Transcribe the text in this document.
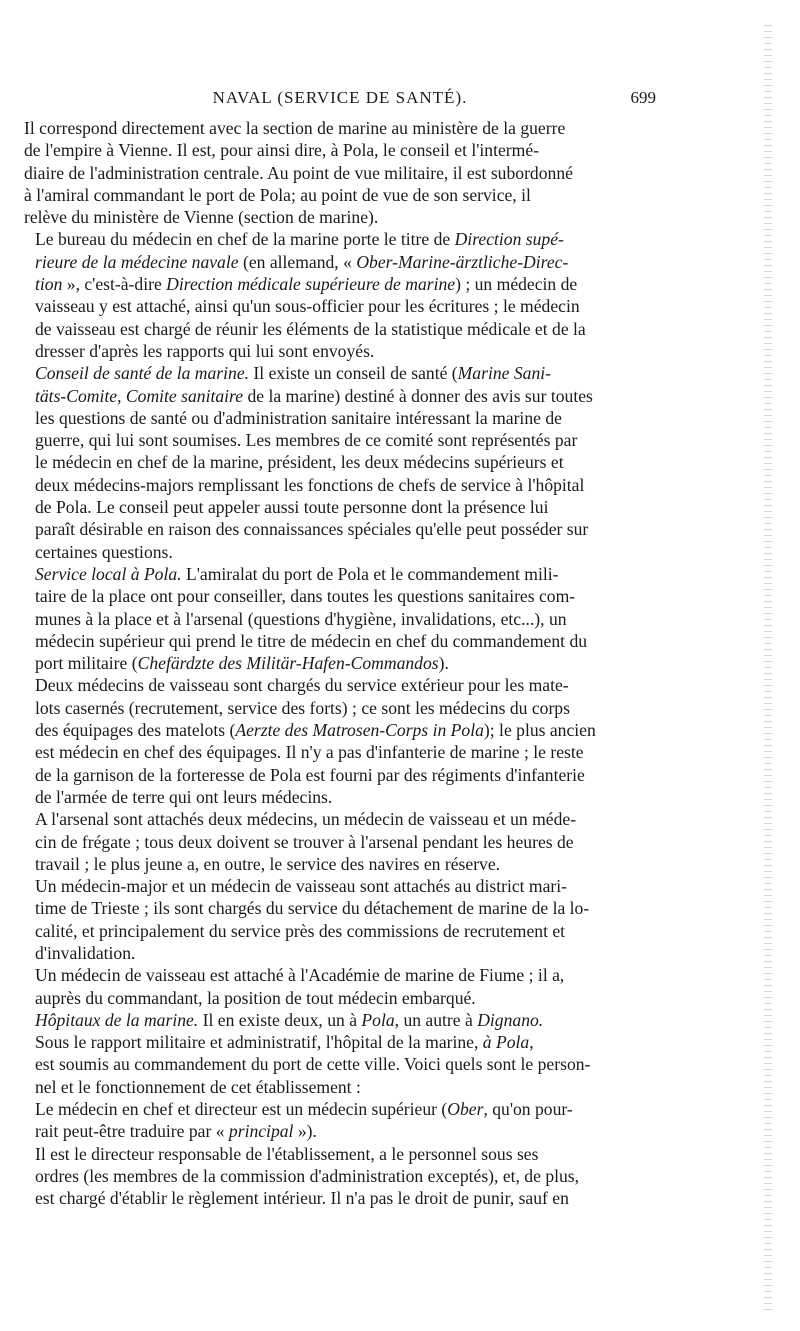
NAVAL (SERVICE DE SANTÉ).	699
Il correspond directement avec la section de marine au ministère de la guerre
de l'empire à Vienne. Il est, pour ainsi dire, à Pola, le conseil et l'intermé-
diaire de l'administration centrale. Au point de vue militaire, il est subordonné
à l'amiral commandant le port de Pola; au point de vue de son service, il
relève du ministère de Vienne (section de marine).
Le bureau du médecin en chef de la marine porte le titre de Direction supé-
rieure de la médecine navale (en allemand, « Ober-Marine-ärztliche-Direc-
tion », c'est-à-dire Direction médicale supérieure de marine) ; un médecin de
vaisseau y est attaché, ainsi qu'un sous-officier pour les écritures ; le médecin
de vaisseau est chargé de réunir les éléments de la statistique médicale et de la
dresser d'après les rapports qui lui sont envoyés.
Conseil de santé de la marine. Il existe un conseil de santé (Marine Sani-
täts-Comite, Comite sanitaire de la marine) destiné à donner des avis sur toutes
les questions de santé ou d'administration sanitaire intéressant la marine de
guerre, qui lui sont soumises. Les membres de ce comité sont représentés par
le médecin en chef de la marine, président, les deux médecins supérieurs et
deux médecins-majors remplissant les fonctions de chefs de service à l'hôpital
de Pola. Le conseil peut appeler aussi toute personne dont la présence lui
paraît désirable en raison des connaissances spéciales qu'elle peut posséder sur
certaines questions.
Service local à Pola. L'amiralat du port de Pola et le commandement mili-
taire de la place ont pour conseiller, dans toutes les questions sanitaires com-
munes à la place et à l'arsenal (questions d'hygiène, invalidations, etc...), un
médecin supérieur qui prend le titre de médecin en chef du commandement du
port militaire (Chefärdzte des Militär-Hafen-Commandos).
Deux médecins de vaisseau sont chargés du service extérieur pour les mate-
lots casernés (recrutement, service des forts) ; ce sont les médecins du corps
des équipages des matelots (Aerzte des Matrosen-Corps in Pola); le plus ancien
est médecin en chef des équipages. Il n'y a pas d'infanterie de marine ; le reste
de la garnison de la forteresse de Pola est fourni par des régiments d'infanterie
de l'armée de terre qui ont leurs médecins.
A l'arsenal sont attachés deux médecins, un médecin de vaisseau et un méde-
cin de frégate ; tous deux doivent se trouver à l'arsenal pendant les heures de
travail ; le plus jeune a, en outre, le service des navires en réserve.
Un médecin-major et un médecin de vaisseau sont attachés au district mari-
time de Trieste ; ils sont chargés du service du détachement de marine de la lo-
calité, et principalement du service près des commissions de recrutement et
d'invalidation.
Un médecin de vaisseau est attaché à l'Académie de marine de Fiume ; il a,
auprès du commandant, la position de tout médecin embarqué.
Hôpitaux de la marine. Il en existe deux, un à Pola, un autre à Dignano.
Sous le rapport militaire et administratif, l'hôpital de la marine, à Pola,
est soumis au commandement du port de cette ville. Voici quels sont le person-
nel et le fonctionnement de cet établissement :
Le médecin en chef et directeur est un médecin supérieur (Ober, qu'on pour-
rait peut-être traduire par « principal »).
Il est le directeur responsable de l'établissement, a le personnel sous ses
ordres (les membres de la commission d'administration exceptés), et, de plus,
est chargé d'établir le règlement intérieur. Il n'a pas le droit de punir, sauf en
